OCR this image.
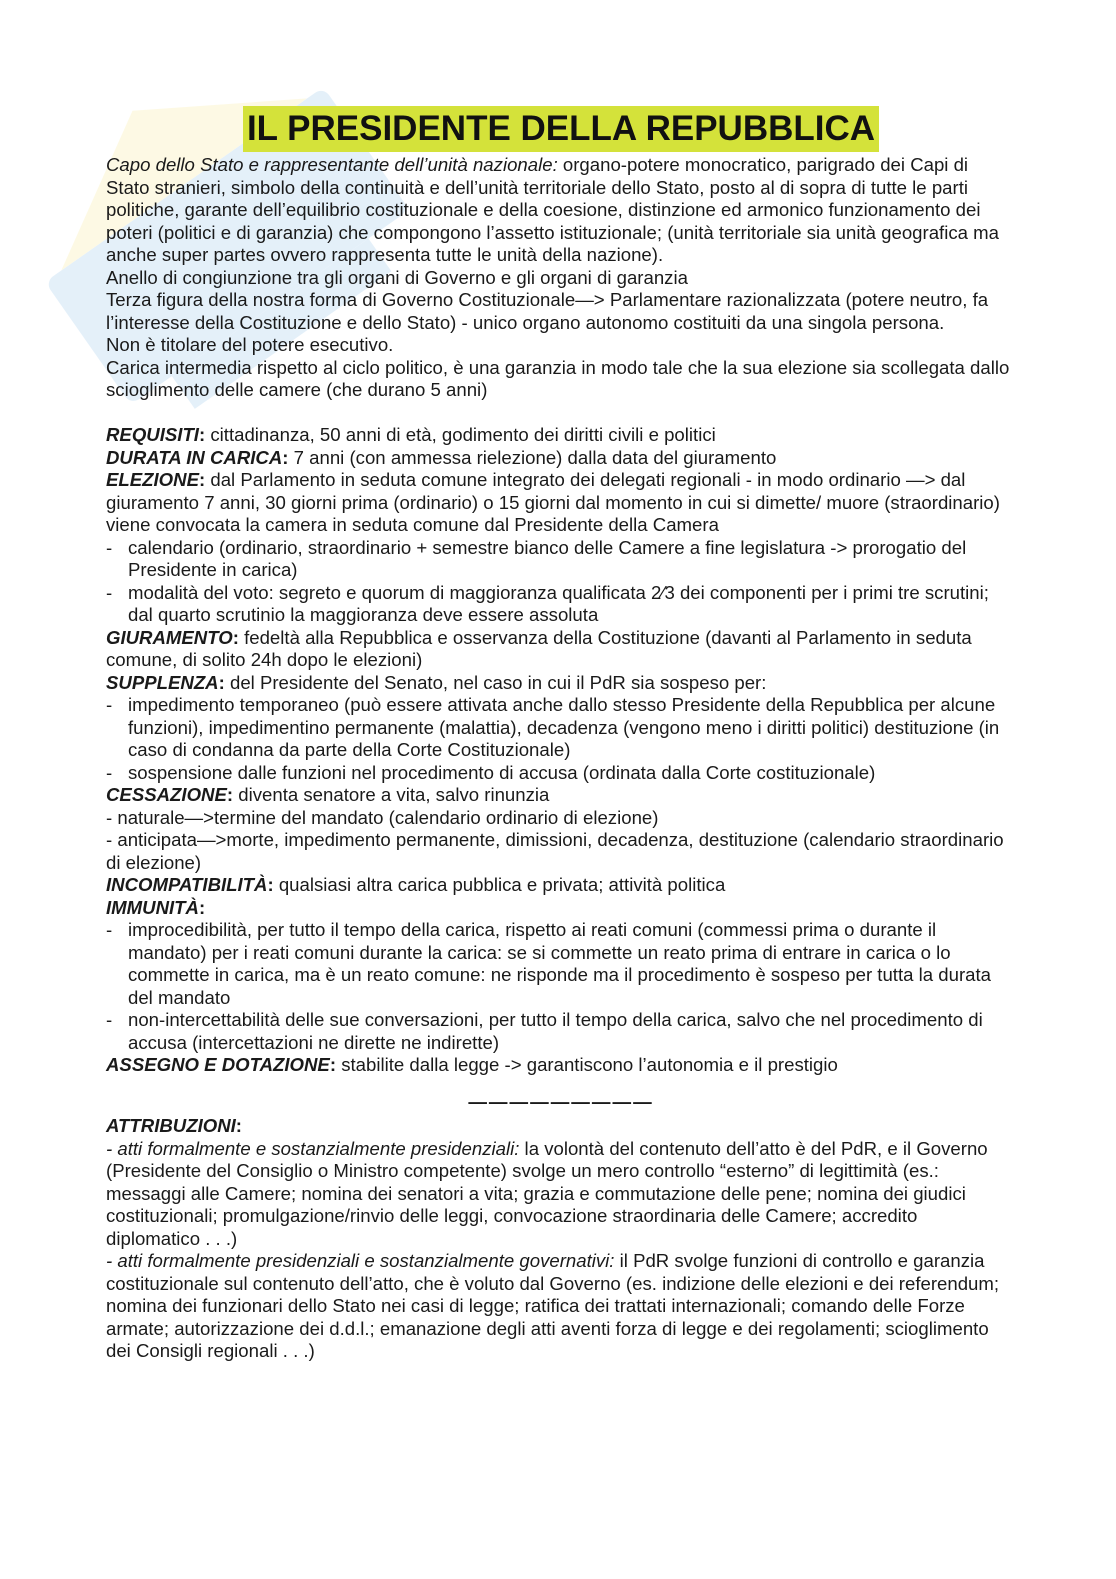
IL PRESIDENTE DELLA REPUBBLICA

Capo dello Stato e rappresentante dell’unità nazionale: organo-potere monocratico, parigrado dei Capi di Stato stranieri, simbolo della continuità e dell’unità territoriale dello Stato, posto al di sopra di tutte le parti politiche, garante dell’equilibrio costituzionale e della coesione, distinzione ed armonico funzionamento dei poteri (politici e di garanzia) che compongono l’assetto istituzionale; (unità territoriale sia unità geografica ma anche super partes ovvero rappresenta tutte le unità della nazione).

Anello di congiunzione tra gli organi di Governo e gli organi di garanzia

Terza figura della nostra forma di Governo Costituzionale—> Parlamentare razionalizzata (potere neutro, fa l’interesse della Costituzione e dello Stato) - unico organo autonomo costituiti da una singola persona.

Non è titolare del potere esecutivo.

Carica intermedia rispetto al ciclo politico, è una garanzia in modo tale che la sua elezione sia scollegata dallo scioglimento delle camere (che durano 5 anni)

REQUISITI: cittadinanza, 50 anni di età, godimento dei diritti civili e politici

DURATA IN CARICA: 7 anni (con ammessa rielezione) dalla data del giuramento

ELEZIONE: dal Parlamento in seduta comune integrato dei delegati regionali - in modo ordinario —> dal giuramento 7 anni, 30 giorni prima (ordinario) o 15 giorni dal momento in cui si dimette/ muore (straordinario) viene convocata la camera in seduta comune dal Presidente della Camera

- calendario (ordinario, straordinario + semestre bianco delle Camere a fine legislatura -> prorogatio del Presidente in carica)
- modalità del voto: segreto e quorum di maggioranza qualificata 2⁄3 dei componenti per i primi tre scrutini; dal quarto scrutinio la maggioranza deve essere assoluta

GIURAMENTO: fedeltà alla Repubblica e osservanza della Costituzione (davanti al Parlamento in seduta comune, di solito 24h dopo le elezioni)

SUPPLENZA: del Presidente del Senato, nel caso in cui il PdR sia sospeso per:

- impedimento temporaneo (può essere attivata anche dallo stesso Presidente della Repubblica per alcune funzioni), impedimentino permanente (malattia), decadenza (vengono meno i diritti politici) destituzione (in caso di condanna da parte della Corte Costituzionale)
- sospensione dalle funzioni nel procedimento di accusa (ordinata dalla Corte costituzionale)

CESSAZIONE: diventa senatore a vita, salvo rinunzia

- naturale—>termine del mandato (calendario ordinario di elezione)

- anticipata—>morte, impedimento permanente, dimissioni, decadenza, destituzione (calendario straordinario di elezione)

INCOMPATIBILITÀ: qualsiasi altra carica pubblica e privata; attività politica

IMMUNITÀ:

- improcedibilità, per tutto il tempo della carica, rispetto ai reati comuni (commessi prima o durante il mandato) per i reati comuni durante la carica: se si commette un reato prima di entrare in carica o lo commette in carica, ma è un reato comune: ne risponde ma il procedimento è sospeso per tutta la durata del mandato
- non-intercettabilità delle sue conversazioni, per tutto il tempo della carica, salvo che nel procedimento di accusa (intercettazioni ne dirette ne indirette)

ASSEGNO E DOTAZIONE: stabilite dalla legge -> garantiscono l’autonomia e il prestigio

—————————

ATTRIBUZIONI:

- atti formalmente e sostanzialmente presidenziali: la volontà del contenuto dell’atto è del PdR, e il Governo (Presidente del Consiglio o Ministro competente) svolge un mero controllo “esterno” di legittimità (es.: messaggi alle Camere; nomina dei senatori a vita; grazia e commutazione delle pene; nomina dei giudici costituzionali; promulgazione/rinvio delle leggi, convocazione straordinaria delle Camere; accredito diplomatico . . .)

- atti formalmente presidenziali e sostanzialmente governativi: il PdR svolge funzioni di controllo e garanzia costituzionale sul contenuto dell’atto, che è voluto dal Governo (es. indizione delle elezioni e dei referendum; nomina dei funzionari dello Stato nei casi di legge; ratifica dei trattati internazionali; comando delle Forze armate; autorizzazione dei d.d.l.; emanazione degli atti aventi forza di legge e dei regolamenti; scioglimento dei Consigli regionali . . .)
